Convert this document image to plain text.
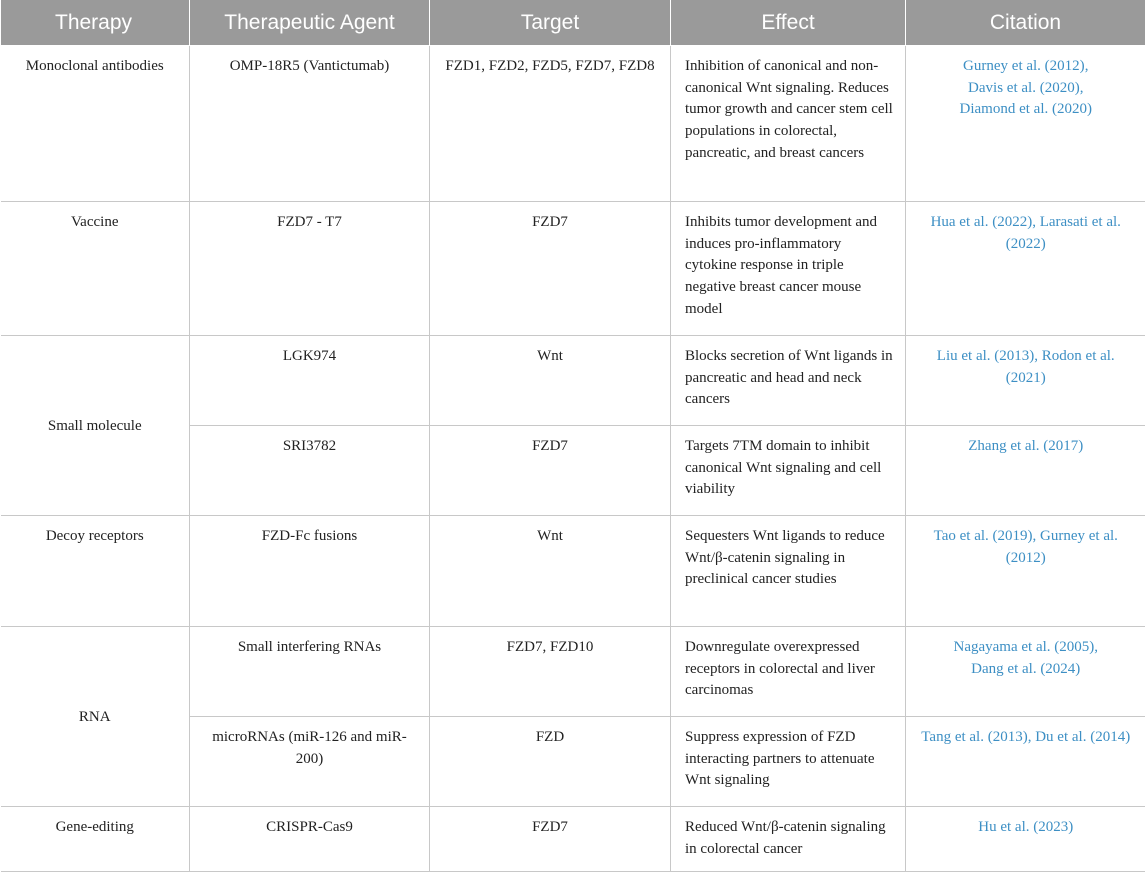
Therapy	Therapeutic Agent	Target	Effect	Citation
Monoclonal antibodies	OMP-18R5 (Vantictumab)	FZD1, FZD2, FZD5, FZD7, FZD8	Inhibition of canonical and non-canonical Wnt signaling. Reduces tumor growth and cancer stem cell populations in colorectal, pancreatic, and breast cancers	Gurney et al. (2012),
Davis et al. (2020),
Diamond et al. (2020)
Vaccine	FZD7 - T7	FZD7	Inhibits tumor development and induces pro-inflammatory cytokine response in triple negative breast cancer mouse model	Hua et al. (2022), Larasati et al. (2022)
Small molecule	LGK974	Wnt	Blocks secretion of Wnt ligands in pancreatic and head and neck cancers	Liu et al. (2013), Rodon et al. (2021)
	SRI3782	FZD7	Targets 7TM domain to inhibit canonical Wnt signaling and cell viability	Zhang et al. (2017)
Decoy receptors	FZD-Fc fusions	Wnt	Sequesters Wnt ligands to reduce Wnt/β-catenin signaling in preclinical cancer studies	Tao et al. (2019), Gurney et al. (2012)
RNA	Small interfering RNAs	FZD7, FZD10	Downregulate overexpressed receptors in colorectal and liver carcinomas	Nagayama et al. (2005),
Dang et al. (2024)
	microRNAs (miR-126 and miR-200)	FZD	Suppress expression of FZD interacting partners to attenuate Wnt signaling	Tang et al. (2013), Du et al. (2014)
Gene-editing	CRISPR-Cas9	FZD7	Reduced Wnt/β-catenin signaling in colorectal cancer	Hu et al. (2023)
